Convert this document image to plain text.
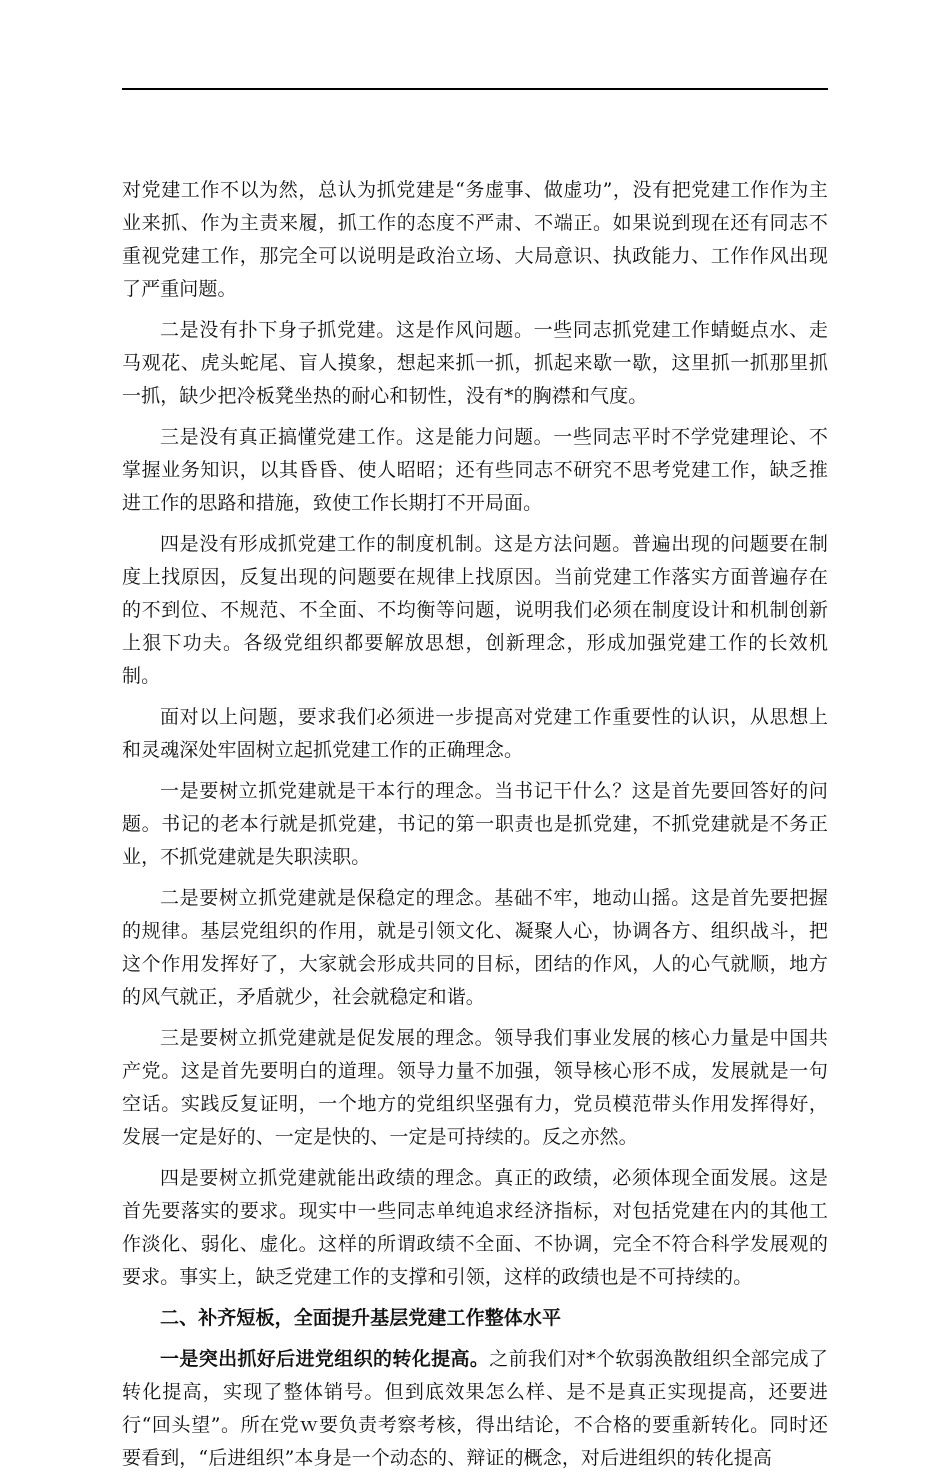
对党建工作不以为然，总认为抓党建是“务虚事、做虚功”，没有把党建工作作为主业来抓、作为主责来履，抓工作的态度不严肃、不端正。如果说到现在还有同志不重视党建工作，那完全可以说明是政治立场、大局意识、执政能力、工作作风出现了严重问题。

二是没有扑下身子抓党建。这是作风问题。一些同志抓党建工作蜻蜓点水、走马观花、虎头蛇尾、盲人摸象，想起来抓一抓，抓起来歇一歇，这里抓一抓那里抓一抓，缺少把冷板凳坐热的耐心和韧性，没有*的胸襟和气度。

三是没有真正搞懂党建工作。这是能力问题。一些同志平时不学党建理论、不掌握业务知识，以其昏昏、使人昭昭；还有些同志不研究不思考党建工作，缺乏推进工作的思路和措施，致使工作长期打不开局面。

四是没有形成抓党建工作的制度机制。这是方法问题。普遍出现的问题要在制度上找原因，反复出现的问题要在规律上找原因。当前党建工作落实方面普遍存在的不到位、不规范、不全面、不均衡等问题，说明我们必须在制度设计和机制创新上狠下功夫。各级党组织都要解放思想，创新理念，形成加强党建工作的长效机制。

面对以上问题，要求我们必须进一步提高对党建工作重要性的认识，从思想上和灵魂深处牢固树立起抓党建工作的正确理念。

一是要树立抓党建就是干本行的理念。当书记干什么？这是首先要回答好的问题。书记的老本行就是抓党建，书记的第一职责也是抓党建，不抓党建就是不务正业，不抓党建就是失职渎职。

二是要树立抓党建就是保稳定的理念。基础不牢，地动山摇。这是首先要把握的规律。基层党组织的作用，就是引领文化、凝聚人心，协调各方、组织战斗，把这个作用发挥好了，大家就会形成共同的目标，团结的作风，人的心气就顺，地方的风气就正，矛盾就少，社会就稳定和谐。

三是要树立抓党建就是促发展的理念。领导我们事业发展的核心力量是中国共产党。这是首先要明白的道理。领导力量不加强，领导核心形不成，发展就是一句空话。实践反复证明，一个地方的党组织坚强有力，党员模范带头作用发挥得好，发展一定是好的、一定是快的、一定是可持续的。反之亦然。

四是要树立抓党建就能出政绩的理念。真正的政绩，必须体现全面发展。这是首先要落实的要求。现实中一些同志单纯追求经济指标，对包括党建在内的其他工作淡化、弱化、虚化。这样的所谓政绩不全面、不协调，完全不符合科学发展观的要求。事实上，缺乏党建工作的支撑和引领，这样的政绩也是不可持续的。

二、补齐短板，全面提升基层党建工作整体水平

一是突出抓好后进党组织的转化提高。之前我们对*个软弱涣散组织全部完成了转化提高，实现了整体销号。但到底效果怎么样、是不是真正实现提高，还要进行“回头望”。所在党ｗ要负责考察考核，得出结论，不合格的要重新转化。同时还要看到，“后进组织”本身是一个动态的、辩证的概念，对后进组织的转化提高
